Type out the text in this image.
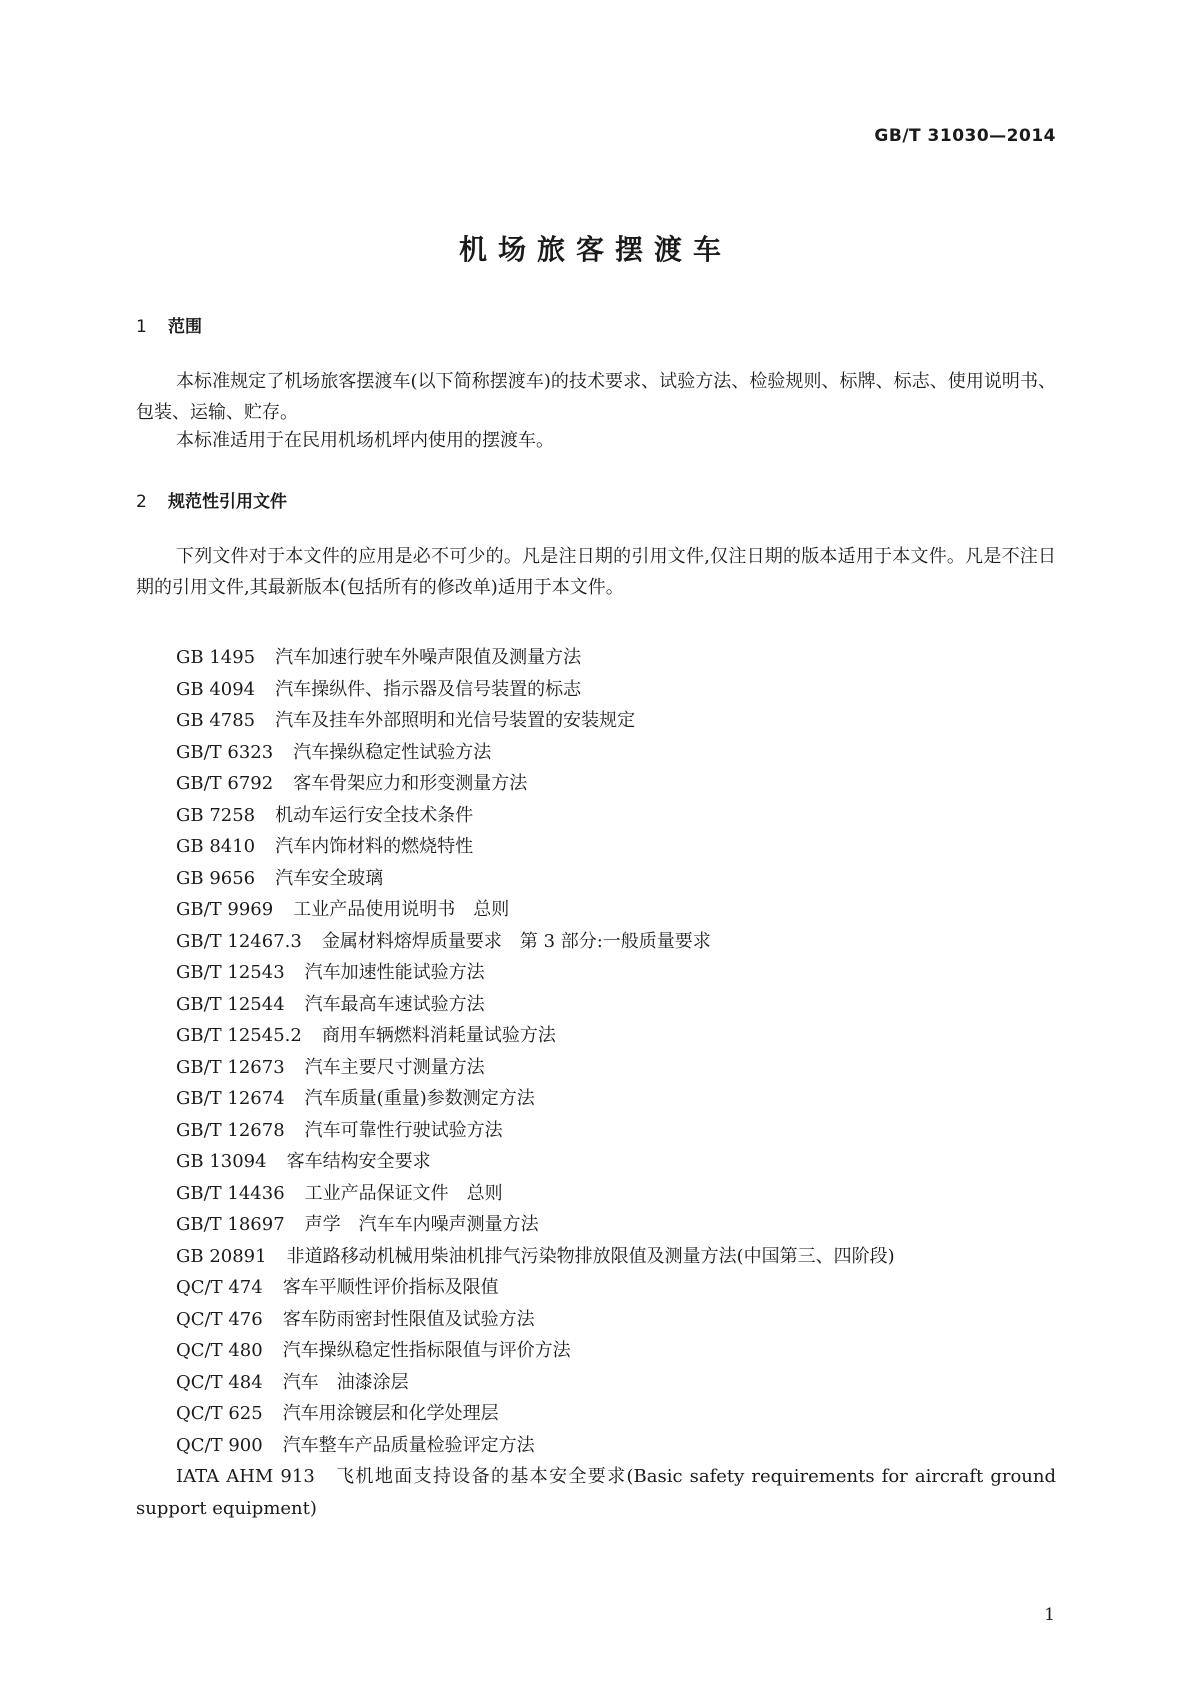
GB/T 31030—2014
机场旅客摆渡车
1 范围
本标准规定了机场旅客摆渡车(以下简称摆渡车)的技术要求、试验方法、检验规则、标牌、标志、使用说明书、包装、运输、贮存。
本标准适用于在民用机场机坪内使用的摆渡车。
2 规范性引用文件
下列文件对于本文件的应用是必不可少的。凡是注日期的引用文件,仅注日期的版本适用于本文件。凡是不注日期的引用文件,其最新版本(包括所有的修改单)适用于本文件。
GB 1495 汽车加速行驶车外噪声限值及测量方法
GB 4094 汽车操纵件、指示器及信号装置的标志
GB 4785 汽车及挂车外部照明和光信号装置的安装规定
GB/T 6323 汽车操纵稳定性试验方法
GB/T 6792 客车骨架应力和形变测量方法
GB 7258 机动车运行安全技术条件
GB 8410 汽车内饰材料的燃烧特性
GB 9656 汽车安全玻璃
GB/T 9969 工业产品使用说明书　总则
GB/T 12467.3 金属材料熔焊质量要求　第 3 部分:一般质量要求
GB/T 12543 汽车加速性能试验方法
GB/T 12544 汽车最高车速试验方法
GB/T 12545.2 商用车辆燃料消耗量试验方法
GB/T 12673 汽车主要尺寸测量方法
GB/T 12674 汽车质量(重量)参数测定方法
GB/T 12678 汽车可靠性行驶试验方法
GB 13094 客车结构安全要求
GB/T 14436 工业产品保证文件　总则
GB/T 18697 声学　汽车车内噪声测量方法
GB 20891 非道路移动机械用柴油机排气污染物排放限值及测量方法(中国第三、四阶段)
QC/T 474 客车平顺性评价指标及限值
QC/T 476 客车防雨密封性限值及试验方法
QC/T 480 汽车操纵稳定性指标限值与评价方法
QC/T 484 汽车　油漆涂层
QC/T 625 汽车用涂镀层和化学处理层
QC/T 900 汽车整车产品质量检验评定方法
IATA AHM 913 飞机地面支持设备的基本安全要求(Basic safety requirements for aircraft ground support equipment)
1
